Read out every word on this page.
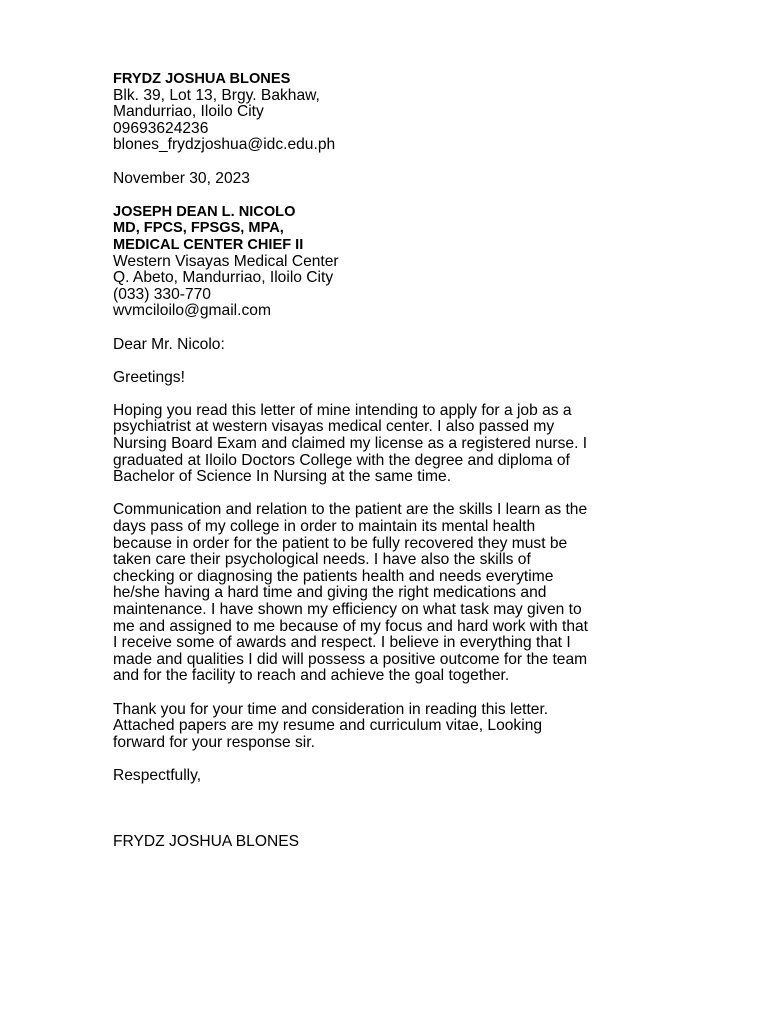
FRYDZ JOSHUA BLONES
Blk. 39, Lot 13, Brgy. Bakhaw,
Mandurriao, Iloilo City
09693624236
blones_frydzjoshua@idc.edu.ph
November 30, 2023
JOSEPH DEAN L. NICOLO
MD, FPCS, FPSGS, MPA,
MEDICAL CENTER CHIEF II
Western Visayas Medical Center
Q. Abeto, Mandurriao, Iloilo City
(033) 330-770
wvmciloilo@gmail.com
Dear Mr. Nicolo:
Greetings!
Hoping you read this letter of mine intending to apply for a job as a
psychiatrist at western visayas medical center. I also passed my
Nursing Board Exam and claimed my license as a registered nurse. I
graduated at Iloilo Doctors College with the degree and diploma of
Bachelor of Science In Nursing at the same time.
Communication and relation to the patient are the skills I learn as the
days pass of my college in order to maintain its mental health
because in order for the patient to be fully recovered they must be
taken care their psychological needs. I have also the skills of
checking or diagnosing the patients health and needs everytime
he/she having a hard time and giving the right medications and
maintenance. I have shown my efficiency on what task may given to
me and assigned to me because of my focus and hard work with that
I receive some of awards and respect. I believe in everything that I
made and qualities I did will possess a positive outcome for the team
and for the facility to reach and achieve the goal together.
Thank you for your time and consideration in reading this letter.
Attached papers are my resume and curriculum vitae, Looking
forward for your response sir.
Respectfully,
FRYDZ JOSHUA BLONES
